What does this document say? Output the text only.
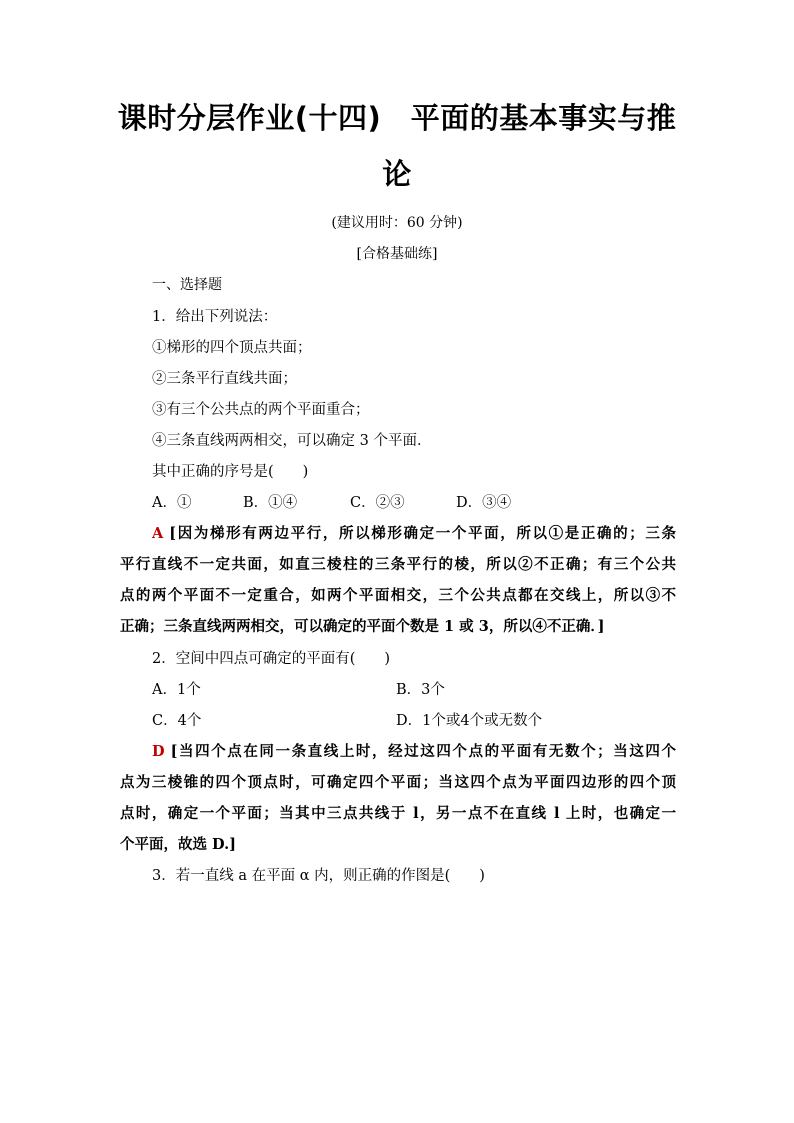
课时分层作业(十四)　平面的基本事实与推
论
(建议用时：60 分钟)
[合格基础练]
一、选择题
1．给出下列说法：
①梯形的四个顶点共面；
②三条平行直线共面；
③有三个公共点的两个平面重合；
④三条直线两两相交，可以确定 3 个平面．
其中正确的序号是(　　)
A．①	B．①④	C．②③	D．③④
A [因为梯形有两边平行，所以梯形确定一个平面，所以①是正确的；三条
平行直线不一定共面，如直三棱柱的三条平行的棱，所以②不正确；有三个公共
点的两个平面不一定重合，如两个平面相交，三个公共点都在交线上，所以③不
正确；三条直线两两相交，可以确定的平面个数是 1 或 3，所以④不正确．]
2．空间中四点可确定的平面有(　　)
A．1个	B．3个
C．4个	D．1个或4个或无数个
D [当四个点在同一条直线上时，经过这四个点的平面有无数个；当这四个
点为三棱锥的四个顶点时，可确定四个平面；当这四个点为平面四边形的四个顶
点时，确定一个平面；当其中三点共线于 l，另一点不在直线 l 上时，也确定一
个平面，故选 D.]
3．若一直线 a 在平面 α 内，则正确的作图是(　　)
